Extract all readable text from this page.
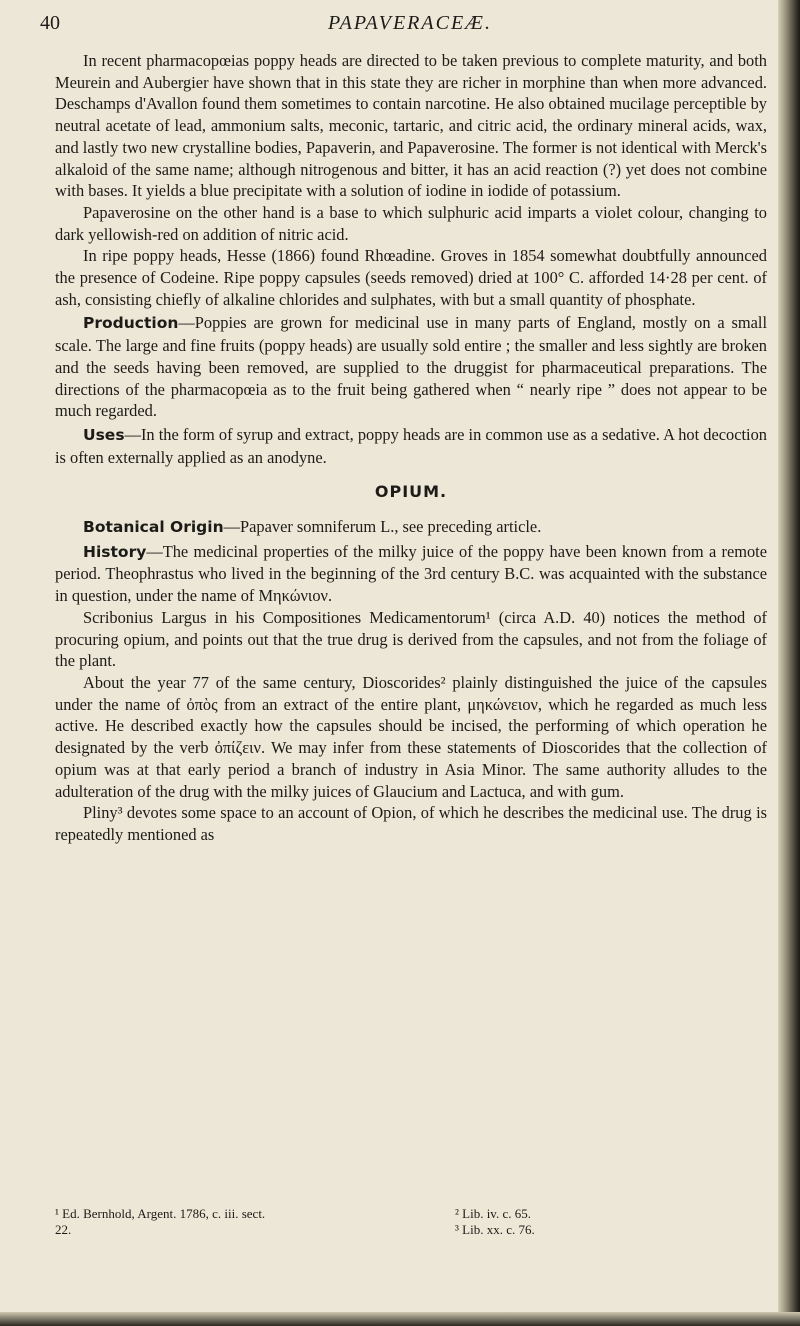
40	PAPAVERACEÆ.

In recent pharmacopœias poppy heads are directed to be taken previous to complete maturity, and both Meurein and Aubergier have shown that in this state they are richer in morphine than when more advanced. Deschamps d'Avallon found them sometimes to contain narcotine. He also obtained mucilage perceptible by neutral acetate of lead, ammonium salts, meconic, tartaric, and citric acid, the ordinary mineral acids, wax, and lastly two new crystalline bodies, Papaverin, and Papaverosine. The former is not identical with Merck's alkaloid of the same name; although nitrogenous and bitter, it has an acid reaction (?) yet does not combine with bases. It yields a blue precipitate with a solution of iodine in iodide of potassium.

Papaverosine on the other hand is a base to which sulphuric acid imparts a violet colour, changing to dark yellowish-red on addition of nitric acid.

In ripe poppy heads, Hesse (1866) found Rhœadine. Groves in 1854 somewhat doubtfully announced the presence of Codeine. Ripe poppy capsules (seeds removed) dried at 100° C. afforded 14·28 per cent. of ash, consisting chiefly of alkaline chlorides and sulphates, with but a small quantity of phosphate.

Production—Poppies are grown for medicinal use in many parts of England, mostly on a small scale. The large and fine fruits (poppy heads) are usually sold entire ; the smaller and less sightly are broken and the seeds having been removed, are supplied to the druggist for pharmaceutical preparations. The directions of the pharmacopœia as to the fruit being gathered when “ nearly ripe ” does not appear to be much regarded.

Uses—In the form of syrup and extract, poppy heads are in common use as a sedative. A hot decoction is often externally applied as an anodyne.

OPIUM.

Botanical Origin—Papaver somniferum L., see preceding article.

History—The medicinal properties of the milky juice of the poppy have been known from a remote period. Theophrastus who lived in the beginning of the 3rd century B.C. was acquainted with the substance in question, under the name of Μηκώνιον.

Scribonius Largus in his Compositiones Medicamentorum¹ (circa A.D. 40) notices the method of procuring opium, and points out that the true drug is derived from the capsules, and not from the foliage of the plant.

About the year 77 of the same century, Dioscorides² plainly distinguished the juice of the capsules under the name of ὀπὸς from an extract of the entire plant, μηκώνειον, which he regarded as much less active. He described exactly how the capsules should be incised, the performing of which operation he designated by the verb ὀπίζειν. We may infer from these statements of Dioscorides that the collection of opium was at that early period a branch of industry in Asia Minor. The same authority alludes to the adulteration of the drug with the milky juices of Glaucium and Lactuca, and with gum.

Pliny³ devotes some space to an account of Opion, of which he describes the medicinal use. The drug is repeatedly mentioned as

¹ Ed. Bernhold, Argent. 1786, c. iii. sect.	² Lib. iv. c. 65.
22.	³ Lib. xx. c. 76.
